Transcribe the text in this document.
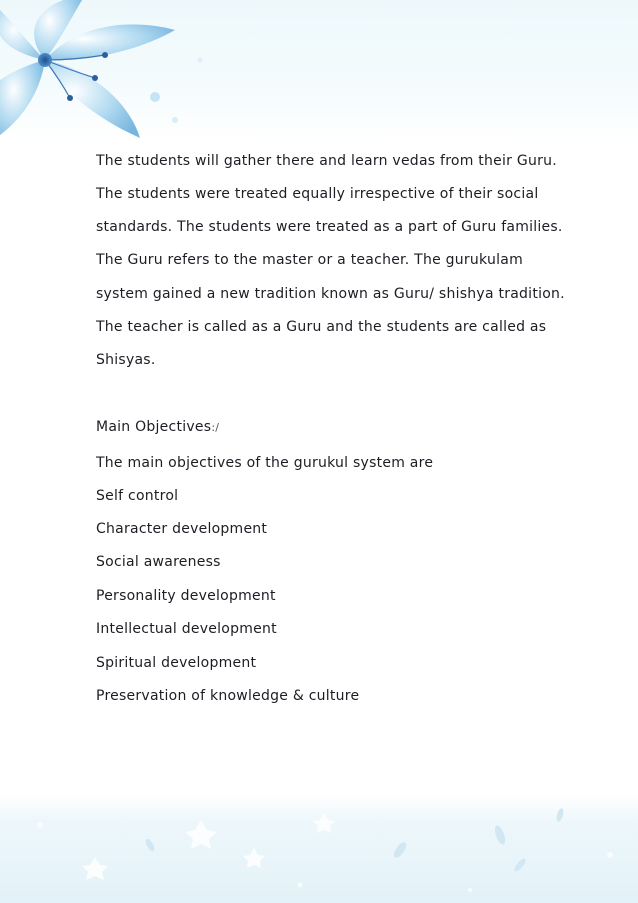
The students will gather there and learn vedas from their Guru.
The students were treated equally irrespective of their social
standards. The students were treated as a part of Guru families.
The Guru refers to the master or a teacher. The gurukulam
system gained a new tradition known as Guru/ shishya tradition.
The teacher is called as a Guru and the students are called as
Shisyas.
Main Objectives:/
The main objectives of the gurukul system are
Self control
Character development
Social awareness
Personality development
Intellectual development
Spiritual development
Preservation of knowledge & culture
